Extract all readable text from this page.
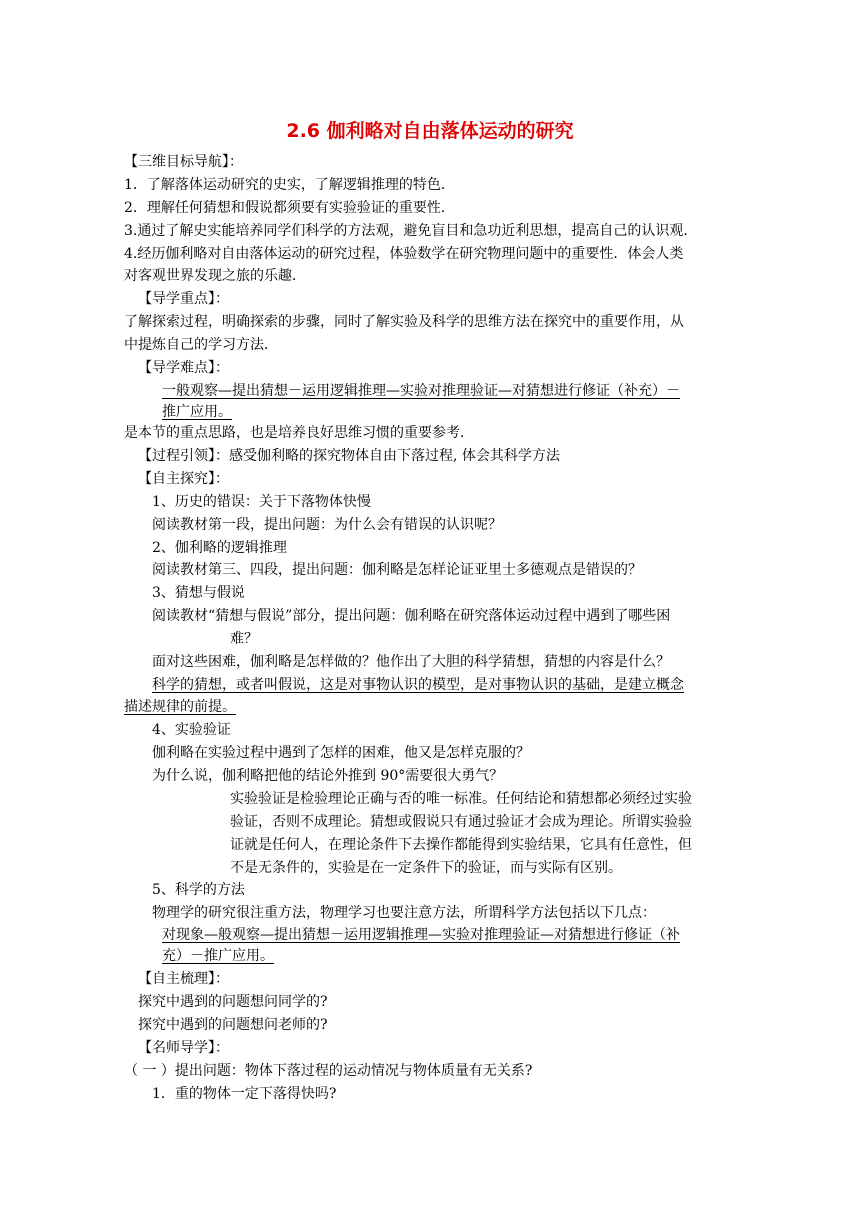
2.6 伽利略对自由落体运动的研究
【三维目标导航】：
1．了解落体运动研究的史实，了解逻辑推理的特色．
2．理解任何猜想和假说都须要有实验验证的重要性．
3.通过了解史实能培养同学们科学的方法观，避免盲目和急功近利思想，提高自己的认识观．
4.经历伽利略对自由落体运动的研究过程，体验数学在研究物理问题中的重要性．体会人类
对客观世界发现之旅的乐趣．
【导学重点】：
了解探索过程，明确探索的步骤，同时了解实验及科学的思维方法在探究中的重要作用，从
中提炼自己的学习方法．
【导学难点】：
一般观察—提出猜想－运用逻辑推理—实验对推理验证—对猜想进行修证（补充）－
推广应用。
是本节的重点思路，也是培养良好思维习惯的重要参考．
【过程引领】：感受伽利略的探究物体自由下落过程, 体会其科学方法
【自主探究】：
1、历史的错误：关于下落物体快慢
阅读教材第一段，提出问题：为什么会有错误的认识呢？
2、伽利略的逻辑推理
阅读教材第三、四段，提出问题：伽利略是怎样论证亚里士多德观点是错误的？
3、猜想与假说
阅读教材“猜想与假说”部分，提出问题：伽利略在研究落体运动过程中遇到了哪些困
难？
面对这些困难，伽利略是怎样做的？他作出了大胆的科学猜想，猜想的内容是什么？
科学的猜想，或者叫假说，这是对事物认识的模型，是对事物认识的基础，是建立概念
描述规律的前提。
4、实验验证
伽利略在实验过程中遇到了怎样的困难，他又是怎样克服的？
为什么说，伽利略把他的结论外推到 90°需要很大勇气？
实验验证是检验理论正确与否的唯一标准。任何结论和猜想都必须经过实验
验证，否则不成理论。猜想或假说只有通过验证才会成为理论。所谓实验验
证就是任何人，在理论条件下去操作都能得到实验结果，它具有任意性，但
不是无条件的，实验是在一定条件下的验证，而与实际有区别。
5、科学的方法
物理学的研究很注重方法，物理学习也要注意方法，所谓科学方法包括以下几点：
对现象—般观察—提出猜想－运用逻辑推理—实验对推理验证—对猜想进行修证（补
充）－推广应用。
【自主梳理】：
探究中遇到的问题想问同学的?
探究中遇到的问题想问老师的?
【名师导学】：
（ 一 ）提出问题：物体下落过程的运动情况与物体质量有无关系?
1．重的物体一定下落得快吗?
